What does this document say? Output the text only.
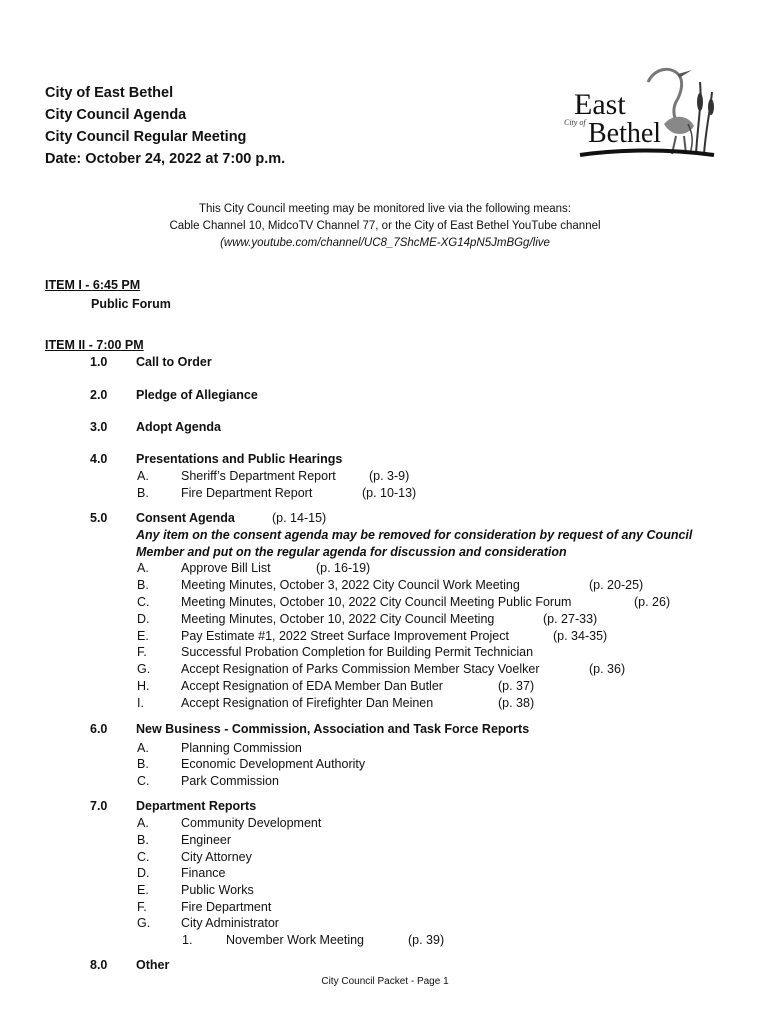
City of East Bethel
City Council Agenda
City Council Regular Meeting
Date: October 24, 2022 at 7:00 p.m.
East
City of Bethel
This City Council meeting may be monitored live via the following means:
Cable Channel 10, MidcoTV Channel 77, or the City of East Bethel YouTube channel
(www.youtube.com/channel/UC8_7ShcME-XG14pN5JmBGg/live
ITEM I - 6:45 PM
Public Forum
ITEM II - 7:00 PM
1.0 Call to Order
2.0 Pledge of Allegiance
3.0 Adopt Agenda
4.0 Presentations and Public Hearings
A.	Sheriff’s Department Report	(p. 3-9)
B.	Fire Department Report	(p. 10-13)
5.0 Consent Agenda	(p. 14-15)
Any item on the consent agenda may be removed for consideration by request of any Council
Member and put on the regular agenda for discussion and consideration
A.	Approve Bill List	(p. 16-19)
B.	Meeting Minutes, October 3, 2022 City Council Work Meeting	(p. 20-25)
C.	Meeting Minutes, October 10, 2022 City Council Meeting Public Forum	(p. 26)
D.	Meeting Minutes, October 10, 2022 City Council Meeting	(p. 27-33)
E.	Pay Estimate #1, 2022 Street Surface Improvement Project	(p. 34-35)
F.	Successful Probation Completion for Building Permit Technician
G. Accept Resignation of Parks Commission Member Stacy Voelker	(p. 36)
H.	Accept Resignation of EDA Member Dan Butler	(p. 37)
I.	Accept Resignation of Firefighter Dan Meinen	(p. 38)
6.0 New Business - Commission, Association and Task Force Reports
A.	Planning Commission
B.	Economic Development Authority
C.	Park Commission
7.0 Department Reports
A.	Community Development
B.	Engineer
C.	City Attorney
D.	Finance
E.	Public Works
F.	Fire Department
G. City Administrator
1.	November Work Meeting	(p. 39)
8.0 Other
City Council Packet - Page 1
